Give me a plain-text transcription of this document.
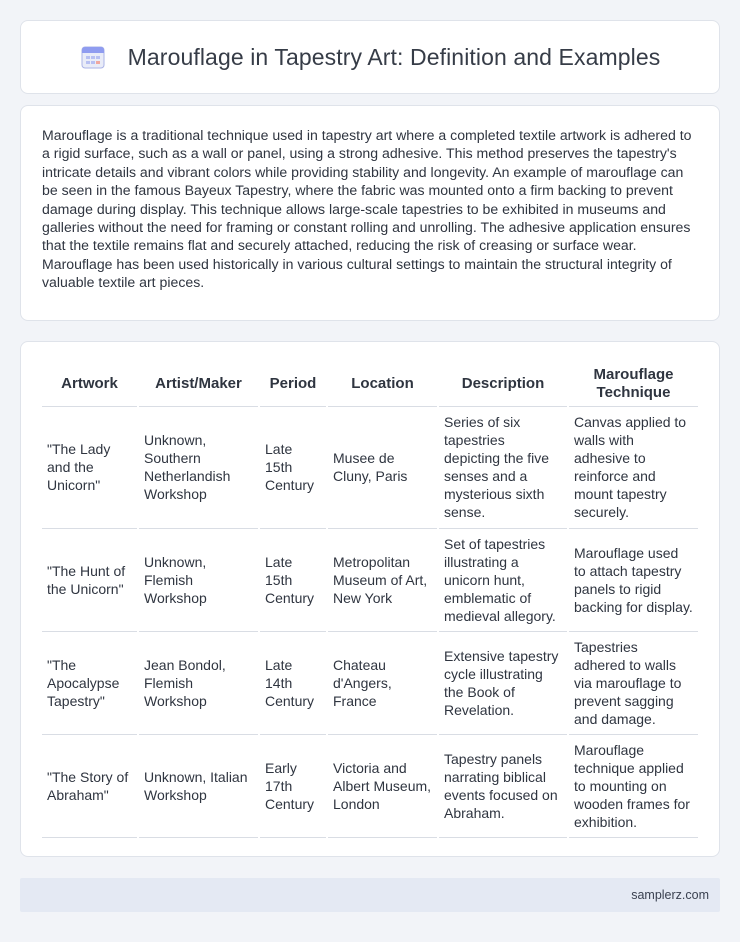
Marouflage in Tapestry Art: Definition and Examples

Marouflage is a traditional technique used in tapestry art where a completed textile artwork is adhered to a rigid surface, such as a wall or panel, using a strong adhesive. This method preserves the tapestry's intricate details and vibrant colors while providing stability and longevity. An example of marouflage can be seen in the famous Bayeux Tapestry, where the fabric was mounted onto a firm backing to prevent damage during display. This technique allows large-scale tapestries to be exhibited in museums and galleries without the need for framing or constant rolling and unrolling. The adhesive application ensures that the textile remains flat and securely attached, reducing the risk of creasing or surface wear. Marouflage has been used historically in various cultural settings to maintain the structural integrity of valuable textile art pieces.

Artwork	Artist/Maker	Period	Location	Description	Marouflage Technique
"The Lady and the Unicorn"	Unknown, Southern Netherlandish Workshop	Late 15th Century	Musee de Cluny, Paris	Series of six tapestries depicting the five senses and a mysterious sixth sense.	Canvas applied to walls with adhesive to reinforce and mount tapestry securely.
"The Hunt of the Unicorn"	Unknown, Flemish Workshop	Late 15th Century	Metropolitan Museum of Art, New York	Set of tapestries illustrating a unicorn hunt, emblematic of medieval allegory.	Marouflage used to attach tapestry panels to rigid backing for display.
"The Apocalypse Tapestry"	Jean Bondol, Flemish Workshop	Late 14th Century	Chateau d'Angers, France	Extensive tapestry cycle illustrating the Book of Revelation.	Tapestries adhered to walls via marouflage to prevent sagging and damage.
"The Story of Abraham"	Unknown, Italian Workshop	Early 17th Century	Victoria and Albert Museum, London	Tapestry panels narrating biblical events focused on Abraham.	Marouflage technique applied to mounting on wooden frames for exhibition.
samplerz.com
